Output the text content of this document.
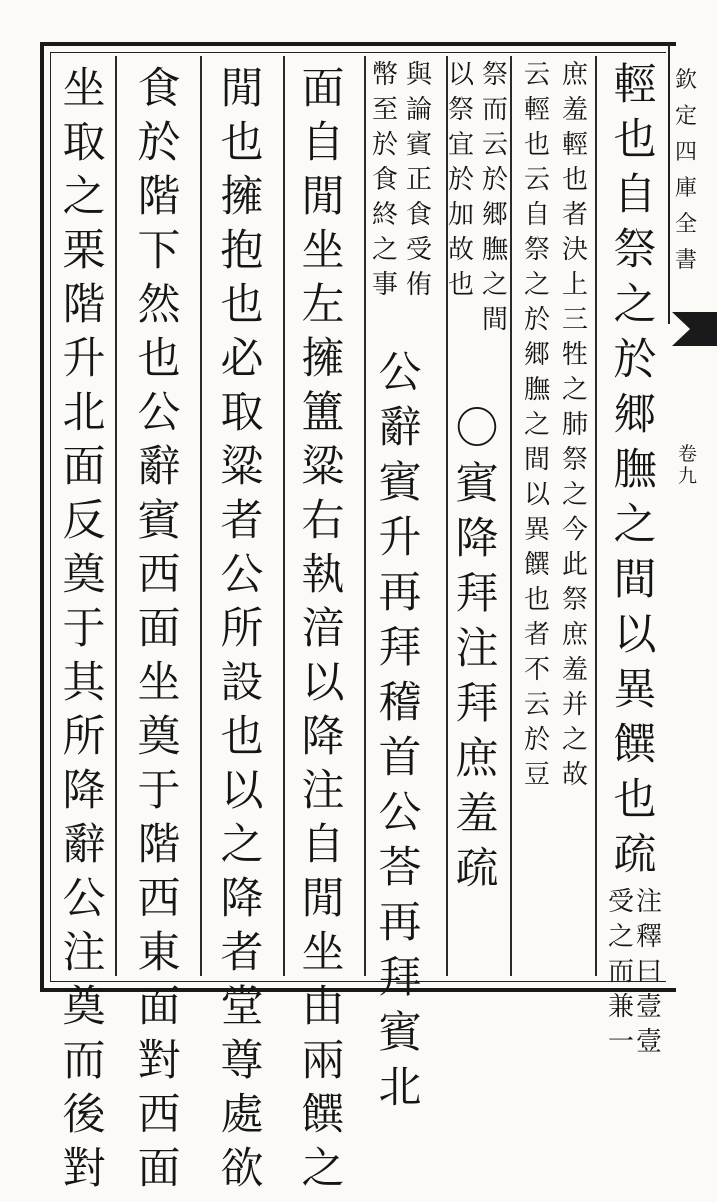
欽
定
四
庫
全
書
卷
九
輕
也
自
祭
之
於
郷
膴
之
間
以
異
饌
也
疏
注
釋
曰
壹
壹
受
之
而
兼
一
庶
羞
輕
也
者
決
上
三
牲
之
肺
祭
之
今
此
祭
庶
羞
并
之
故
云
輕
也
云
自
祭
之
於
郷
膴
之
間
以
異
饌
也
者
不
云
於
豆
祭
而
云
於
郷
膴
之
間
以
祭
宜
於
加
故
也
〇
賓
降
拜
注
拜
庶
羞
疏
與
論
賓
正
食
受
侑
幣
至
於
食
終
之
事
公
辭
賓
升
再
拜
稽
首
公
荅
再
拜
賓
北
面
自
閒
坐
左
擁
簠
粱
右
執
湆
以
降
注
自
閒
坐
由
兩
饌
之
閒
也
擁
抱
也
必
取
粱
者
公
所
設
也
以
之
降
者
堂
尊
處
欲
食
於
階
下
然
也
公
辭
賓
西
面
坐
奠
于
階
西
東
面
對
西
面
坐
取
之
栗
階
升
北
面
反
奠
于
其
所
降
辭
公
注
奠
而
後
對
